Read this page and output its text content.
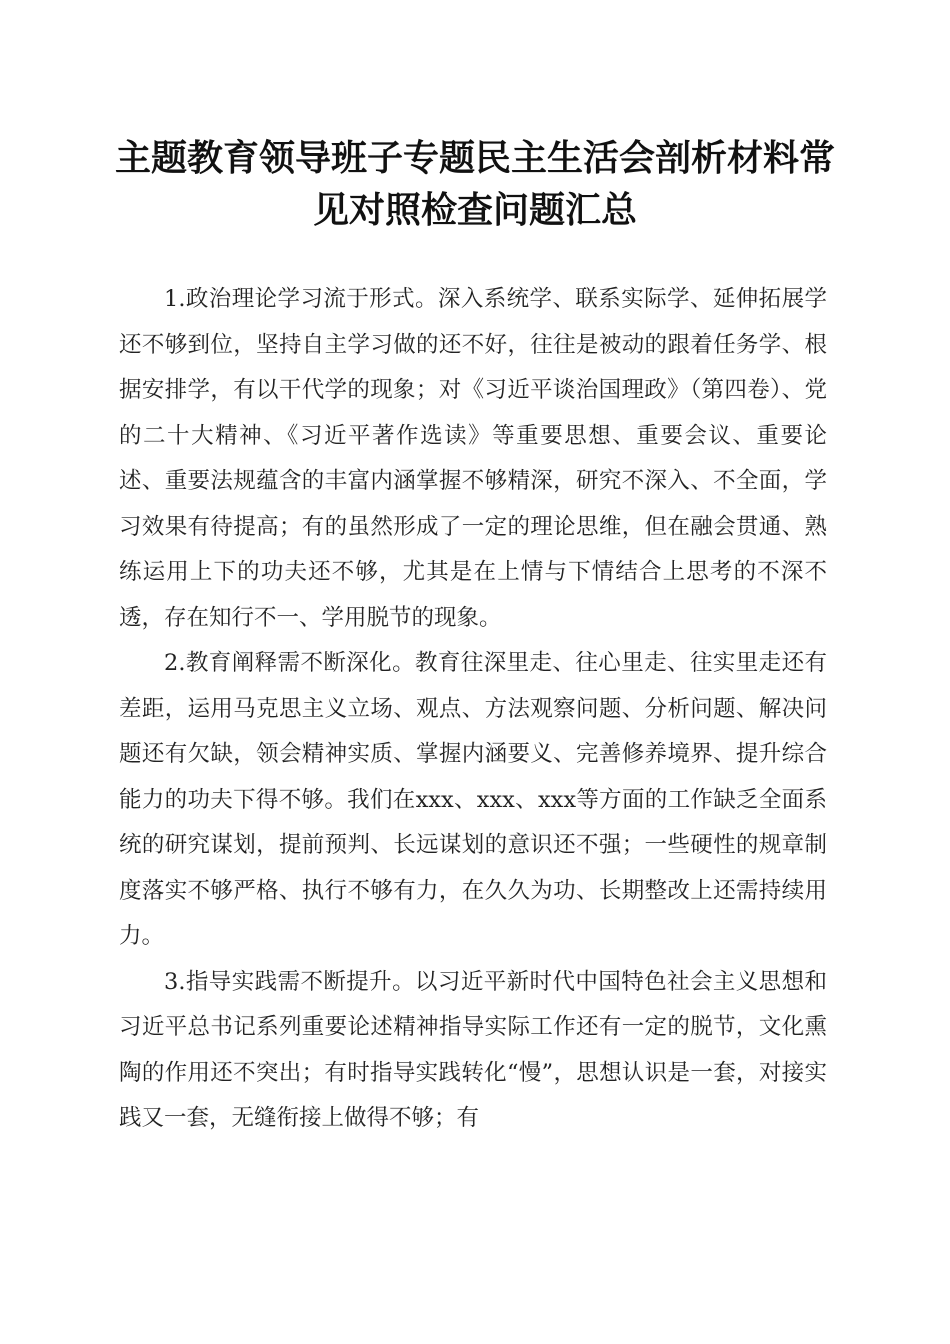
主题教育领导班子专题民主生活会剖析材料常
见对照检查问题汇总

1.政治理论学习流于形式。深入系统学、联系实际学、延伸拓展学还不够到位，坚持自主学习做的还不好，往往是被动的跟着任务学、根据安排学，有以干代学的现象；对《习近平谈治国理政》（第四卷）、党的二十大精神、《习近平著作选读》等重要思想、重要会议、重要论述、重要法规蕴含的丰富内涵掌握不够精深，研究不深入、不全面，学习效果有待提高；有的虽然形成了一定的理论思维，但在融会贯通、熟练运用上下的功夫还不够，尤其是在上情与下情结合上思考的不深不透，存在知行不一、学用脱节的现象。

2.教育阐释需不断深化。教育往深里走、往心里走、往实里走还有差距，运用马克思主义立场、观点、方法观察问题、分析问题、解决问题还有欠缺，领会精神实质、掌握内涵要义、完善修养境界、提升综合能力的功夫下得不够。我们在xxx、xxx、xxx等方面的工作缺乏全面系统的研究谋划，提前预判、长远谋划的意识还不强；一些硬性的规章制度落实不够严格、执行不够有力，在久久为功、长期整改上还需持续用力。

3.指导实践需不断提升。以习近平新时代中国特色社会主义思想和习近平总书记系列重要论述精神指导实际工作还有一定的脱节，文化熏陶的作用还不突出；有时指导实践转化“慢”，思想认识是一套，对接实践又一套，无缝衔接上做得不够；有
